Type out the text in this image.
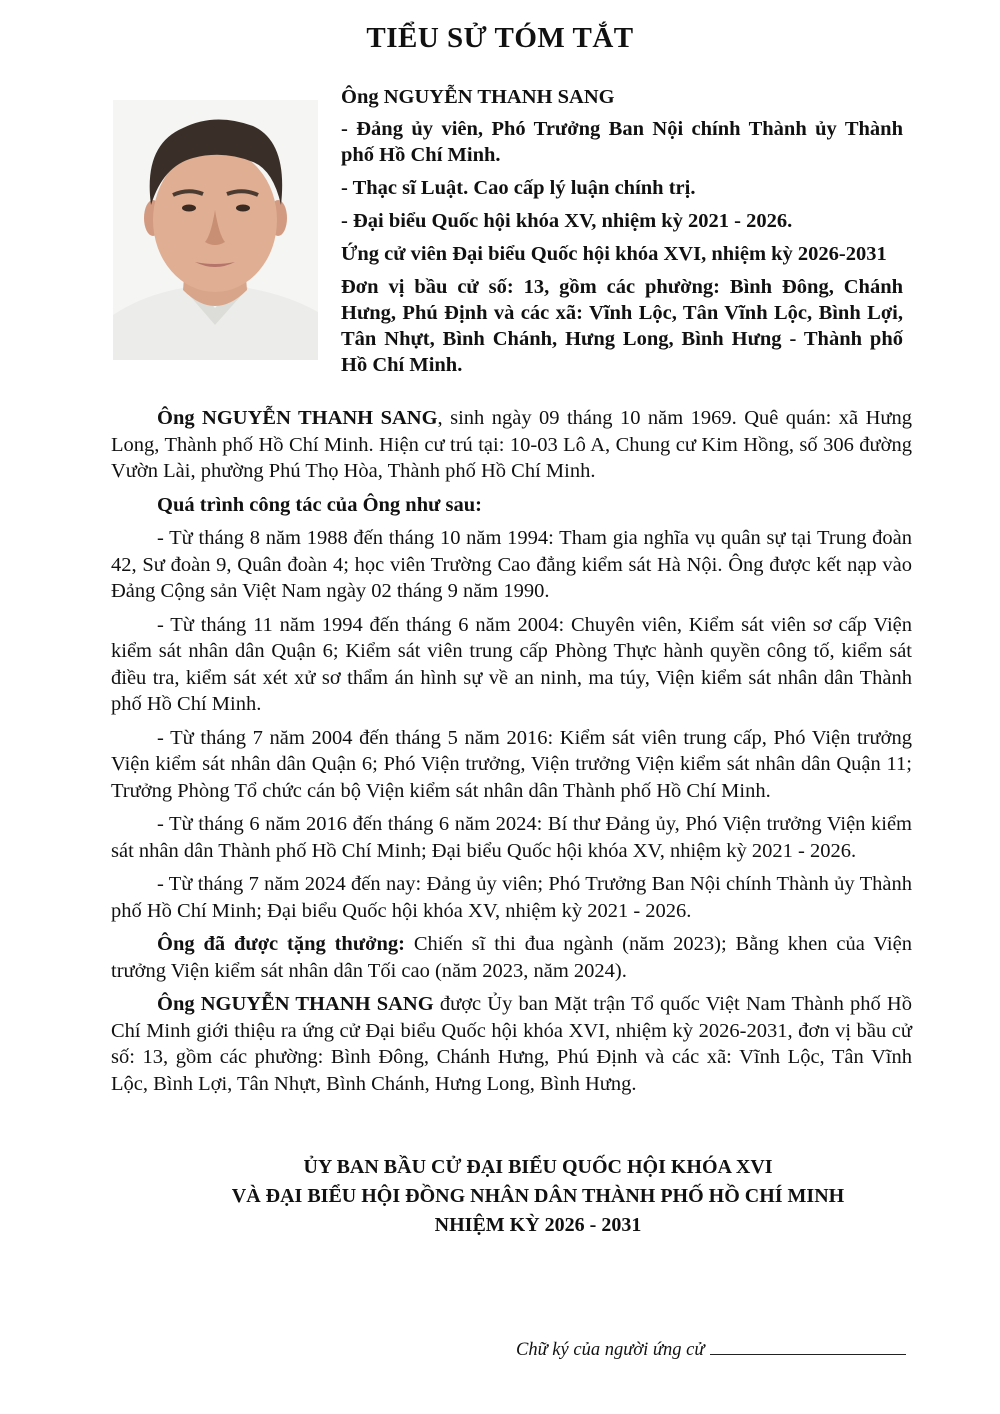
TIỂU SỬ TÓM TẮT

Ông NGUYỄN THANH SANG

- Đảng ủy viên, Phó Trưởng Ban Nội chính Thành ủy Thành phố Hồ Chí Minh.

- Thạc sĩ Luật. Cao cấp lý luận chính trị.

- Đại biểu Quốc hội khóa XV, nhiệm kỳ 2021 - 2026.

Ứng cử viên Đại biểu Quốc hội khóa XVI, nhiệm kỳ 2026-2031

Đơn vị bầu cử số: 13, gồm các phường: Bình Đông, Chánh Hưng, Phú Định và các xã: Vĩnh Lộc, Tân Vĩnh Lộc, Bình Lợi, Tân Nhựt, Bình Chánh, Hưng Long, Bình Hưng - Thành phố Hồ Chí Minh.

Ông NGUYỄN THANH SANG, sinh ngày 09 tháng 10 năm 1969. Quê quán: xã Hưng Long, Thành phố Hồ Chí Minh. Hiện cư trú tại: 10-03 Lô A, Chung cư Kim Hồng, số 306 đường Vườn Lài, phường Phú Thọ Hòa, Thành phố Hồ Chí Minh.

Quá trình công tác của Ông như sau:

- Từ tháng 8 năm 1988 đến tháng 10 năm 1994: Tham gia nghĩa vụ quân sự tại Trung đoàn 42, Sư đoàn 9, Quân đoàn 4; học viên Trường Cao đẳng kiểm sát Hà Nội. Ông được kết nạp vào Đảng Cộng sản Việt Nam ngày 02 tháng 9 năm 1990.

- Từ tháng 11 năm 1994 đến tháng 6 năm 2004: Chuyên viên, Kiểm sát viên sơ cấp Viện kiểm sát nhân dân Quận 6; Kiểm sát viên trung cấp Phòng Thực hành quyền công tố, kiểm sát điều tra, kiểm sát xét xử sơ thẩm án hình sự về an ninh, ma túy, Viện kiểm sát nhân dân Thành phố Hồ Chí Minh.

- Từ tháng 7 năm 2004 đến tháng 5 năm 2016: Kiểm sát viên trung cấp, Phó Viện trưởng Viện kiểm sát nhân dân Quận 6; Phó Viện trưởng, Viện trưởng Viện kiểm sát nhân dân Quận 11; Trưởng Phòng Tổ chức cán bộ Viện kiểm sát nhân dân Thành phố Hồ Chí Minh.

- Từ tháng 6 năm 2016 đến tháng 6 năm 2024: Bí thư Đảng ủy, Phó Viện trưởng Viện kiểm sát nhân dân Thành phố Hồ Chí Minh; Đại biểu Quốc hội khóa XV, nhiệm kỳ 2021 - 2026.

- Từ tháng 7 năm 2024 đến nay: Đảng ủy viên; Phó Trưởng Ban Nội chính Thành ủy Thành phố Hồ Chí Minh; Đại biểu Quốc hội khóa XV, nhiệm kỳ 2021 - 2026.

Ông đã được tặng thưởng: Chiến sĩ thi đua ngành (năm 2023); Bằng khen của Viện trưởng Viện kiểm sát nhân dân Tối cao (năm 2023, năm 2024).

Ông NGUYỄN THANH SANG được Ủy ban Mặt trận Tổ quốc Việt Nam Thành phố Hồ Chí Minh giới thiệu ra ứng cử Đại biểu Quốc hội khóa XVI, nhiệm kỳ 2026-2031, đơn vị bầu cử số: 13, gồm các phường: Bình Đông, Chánh Hưng, Phú Định và các xã: Vĩnh Lộc, Tân Vĩnh Lộc, Bình Lợi, Tân Nhựt, Bình Chánh, Hưng Long, Bình Hưng.

ỦY BAN BẦU CỬ ĐẠI BIỂU QUỐC HỘI KHÓA XVI
VÀ ĐẠI BIỂU HỘI ĐỒNG NHÂN DÂN THÀNH PHỐ HỒ CHÍ MINH
NHIỆM KỲ 2026 - 2031
Chữ ký của người ứng cử
